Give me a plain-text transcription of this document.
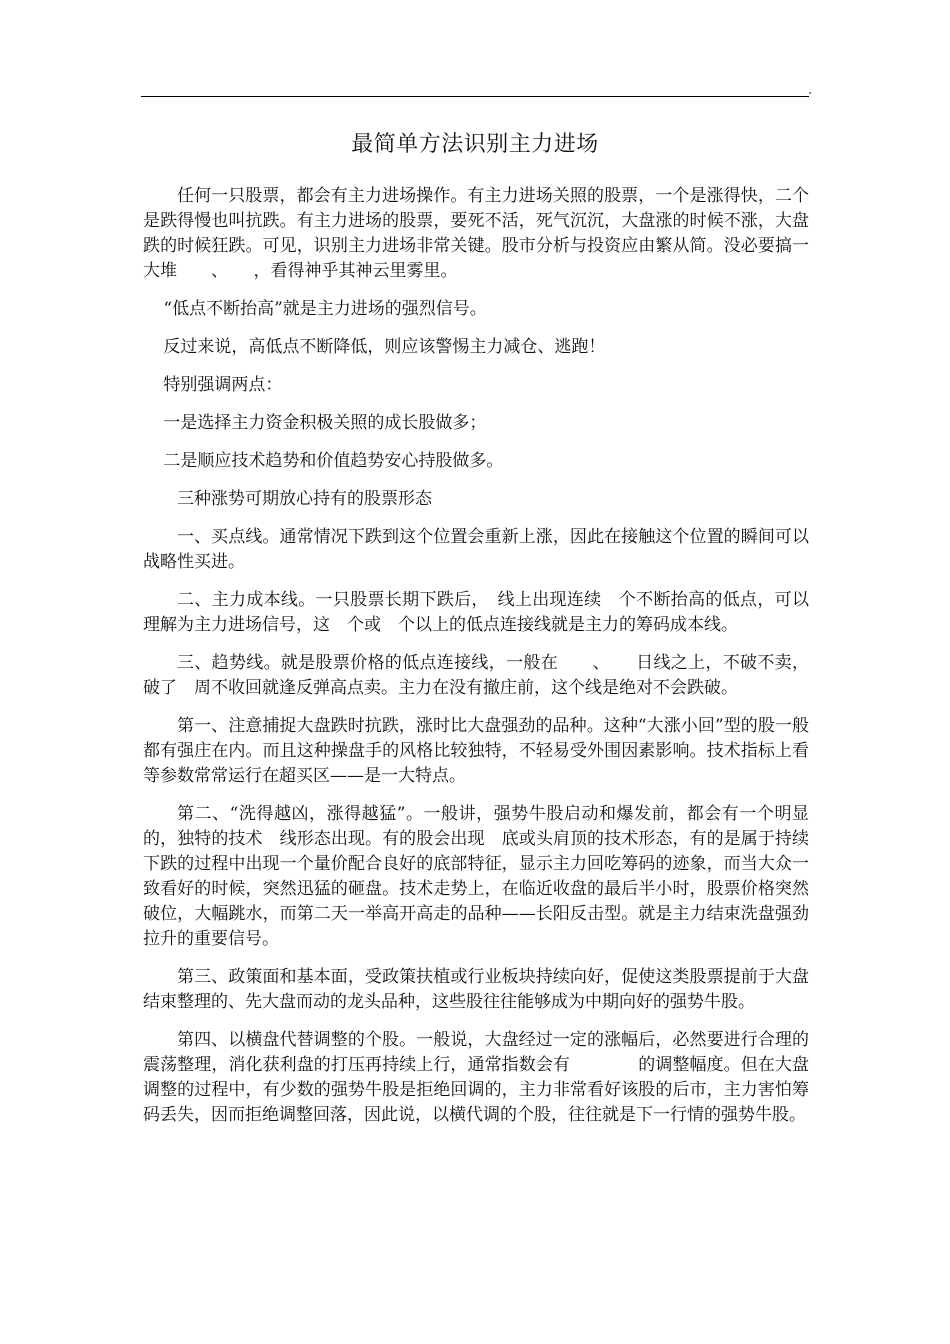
最简单方法识别主力进场

任何一只股票，都会有主力进场操作。有主力进场关照的股票，一个是涨得快，二个是跌得慢也叫抗跌。有主力进场的股票，要死不活，死气沉沉，大盘涨的时候不涨，大盘跌的时候狂跌。可见，识别主力进场非常关键。股市分析与投资应由繁从简。没必要搞一大堆　　、　　，看得神乎其神云里雾里。

“低点不断抬高”就是主力进场的强烈信号。

反过来说，高低点不断降低，则应该警惕主力减仓、逃跑！

特别强调两点：

一是选择主力资金积极关照的成长股做多；

二是顺应技术趋势和价值趋势安心持股做多。

三种涨势可期放心持有的股票形态

一、买点线。通常情况下跌到这个位置会重新上涨，因此在接触这个位置的瞬间可以战略性买进。

二、主力成本线。一只股票长期下跌后，　线上出现连续　个不断抬高的低点，可以理解为主力进场信号，这　个或　个以上的低点连接线就是主力的筹码成本线。

三、趋势线。就是股票价格的低点连接线，一般在　　、　　日线之上，不破不卖，破了　周不收回就逢反弹高点卖。主力在没有撤庄前，这个线是绝对不会跌破。

第一、注意捕捉大盘跌时抗跌，涨时比大盘强劲的品种。这种“大涨小回”型的股一般都有强庄在内。而且这种操盘手的风格比较独特，不轻易受外围因素影响。技术指标上看　　等参数常常运行在超买区——是一大特点。

第二、“洗得越凶，涨得越猛”。一般讲，强势牛股启动和爆发前，都会有一个明显的，独特的技术　线形态出现。有的股会出现　底或头肩顶的技术形态，有的是属于持续下跌的过程中出现一个量价配合良好的底部特征，显示主力回吃筹码的迹象，而当大众一致看好的时候，突然迅猛的砸盘。技术走势上，在临近收盘的最后半小时，股票价格突然破位，大幅跳水，而第二天一举高开高走的品种——长阳反击型。就是主力结束洗盘强劲拉升的重要信号。

第三、政策面和基本面，受政策扶植或行业板块持续向好，促使这类股票提前于大盘结束整理的、先大盘而动的龙头品种，这些股往往能够成为中期向好的强势牛股。

第四、以横盘代替调整的个股。一般说，大盘经过一定的涨幅后，必然要进行合理的震荡整理，消化获利盘的打压再持续上行，通常指数会有　　　　的调整幅度。但在大盘调整的过程中，有少数的强势牛股是拒绝回调的，主力非常看好该股的后市，主力害怕筹码丢失，因而拒绝调整回落，因此说，以横代调的个股，往往就是下一行情的强势牛股。
